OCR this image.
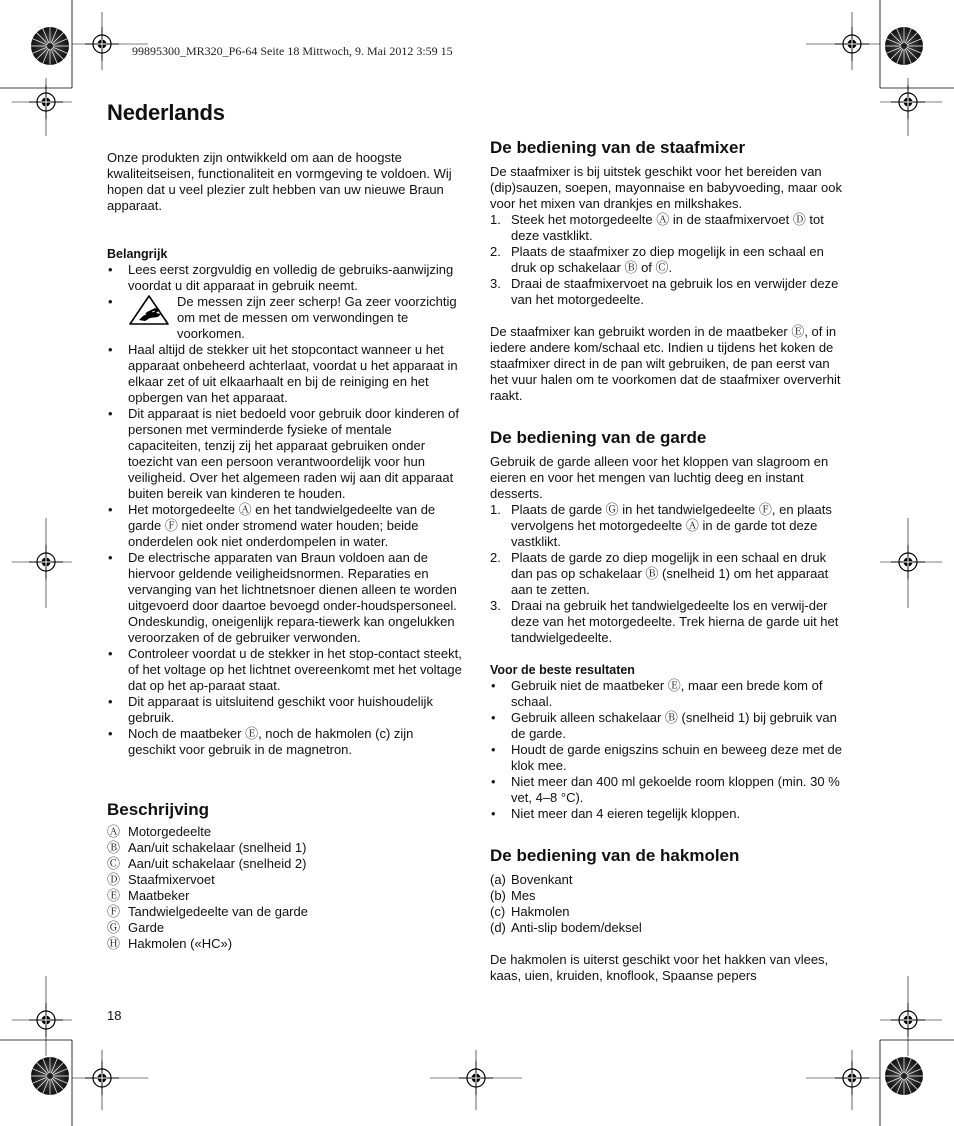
99895300_MR320_P6-64 Seite 18 Mittwoch, 9. Mai 2012 3:59 15
Nederlands

Onze produkten zijn ontwikkeld om aan de hoogste kwaliteitseisen, functionaliteit en vormgeving te voldoen. Wij hopen dat u veel plezier zult hebben van uw nieuwe Braun apparaat.

Belangrijk

• Lees eerst zorgvuldig en volledig de gebruiks-aanwijzing voordat u dit apparaat in gebruik neemt.
• De messen zijn zeer scherp! Ga zeer voorzichtig om met de messen om verwondingen te voorkomen.
• Haal altijd de stekker uit het stopcontact wanneer u het apparaat onbeheerd achterlaat, voordat u het apparaat in elkaar zet of uit elkaarhaalt en bij de reiniging en het opbergen van het apparaat.
• Dit apparaat is niet bedoeld voor gebruik door kinderen of personen met verminderde fysieke of mentale capaciteiten, tenzij zij het apparaat gebruiken onder toezicht van een persoon verantwoordelijk voor hun veiligheid. Over het algemeen raden wij aan dit apparaat buiten bereik van kinderen te houden.
• Het motorgedeelte Ⓐ en het tandwielgedeelte van de garde Ⓕ niet onder stromend water houden; beide onderdelen ook niet onderdompelen in water.
• De electrische apparaten van Braun voldoen aan de hiervoor geldende veiligheidsnormen. Reparaties en vervanging van het lichtnetsnoer dienen alleen te worden uitgevoerd door daartoe bevoegd onder-houdspersoneel. Ondeskundig, oneigenlijk repara-tiewerk kan ongelukken veroorzaken of de gebruiker verwonden.
• Controleer voordat u de stekker in het stop-contact steekt, of het voltage op het lichtnet overeenkomt met het voltage dat op het ap-paraat staat.
• Dit apparaat is uitsluitend geschikt voor huishoudelijk gebruik.
• Noch de maatbeker Ⓔ, noch de hakmolen (c) zijn geschikt voor gebruik in de magnetron.
Beschrijving
Ⓐ Motorgedeelte
Ⓑ Aan/uit schakelaar (snelheid 1)
Ⓒ Aan/uit schakelaar (snelheid 2)
Ⓓ Staafmixervoet
Ⓔ Maatbeker
Ⓕ Tandwielgedeelte van de garde
Ⓖ Garde
Ⓗ Hakmolen («HC»)
De bediening van de staafmixer

De staafmixer is bij uitstek geschikt voor het bereiden van (dip)sauzen, soepen, mayonnaise en babyvoeding, maar ook voor het mixen van drankjes en milkshakes.

1. Steek het motorgedeelte Ⓐ in de staafmixervoet Ⓓ tot deze vastklikt.
2. Plaats de staafmixer zo diep mogelijk in een schaal en druk op schakelaar Ⓑ of Ⓒ.
3. Draai de staafmixervoet na gebruik los en verwijder deze van het motorgedeelte.

De staafmixer kan gebruikt worden in de maatbeker Ⓔ, of in iedere andere kom/schaal etc. Indien u tijdens het koken de staafmixer direct in de pan wilt gebruiken, de pan eerst van het vuur halen om te voorkomen dat de staafmixer oververhit raakt.

De bediening van de garde

Gebruik de garde alleen voor het kloppen van slagroom en eieren en voor het mengen van luchtig deeg en instant desserts.

1. Plaats de garde Ⓖ in het tandwielgedeelte Ⓕ, en plaats vervolgens het motorgedeelte Ⓐ in de garde tot deze vastklikt.
2. Plaats de garde zo diep mogelijk in een schaal en druk dan pas op schakelaar Ⓑ (snelheid 1) om het apparaat aan te zetten.
3. Draai na gebruik het tandwielgedeelte los en verwij-der deze van het motorgedeelte. Trek hierna de garde uit het tandwielgedeelte.

Voor de beste resultaten

• Gebruik niet de maatbeker Ⓔ, maar een brede kom of schaal.
• Gebruik alleen schakelaar Ⓑ (snelheid 1) bij gebruik van de garde.
• Houdt de garde enigszins schuin en beweeg deze met de klok mee.
• Niet meer dan 400 ml gekoelde room kloppen (min. 30 % vet, 4–8 °C).
• Niet meer dan 4 eieren tegelijk kloppen.
De bediening van de hakmolen
(a) Bovenkant
(b) Mes
(c) Hakmolen
(d) Anti-slip bodem/deksel

De hakmolen is uiterst geschikt voor het hakken van vlees, kaas, uien, kruiden, knoflook, Spaanse pepers

18
